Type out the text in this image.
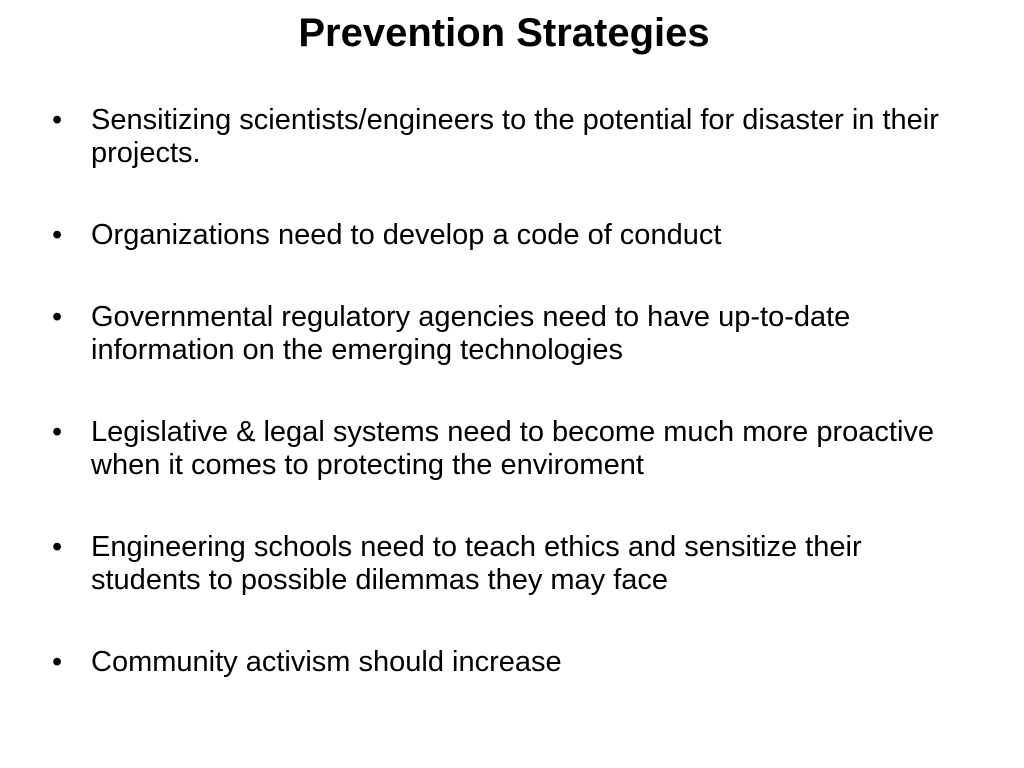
Prevention Strategies
• Sensitizing scientists/engineers to the potential for disaster in their projects.
• Organizations need to develop a code of conduct
• Governmental regulatory agencies need to have up-to-date information on the emerging technologies
• Legislative & legal systems need to become much more proactive when it comes to protecting the enviroment
• Engineering schools need to teach ethics and sensitize their students to possible dilemmas they may face
• Community activism should increase
